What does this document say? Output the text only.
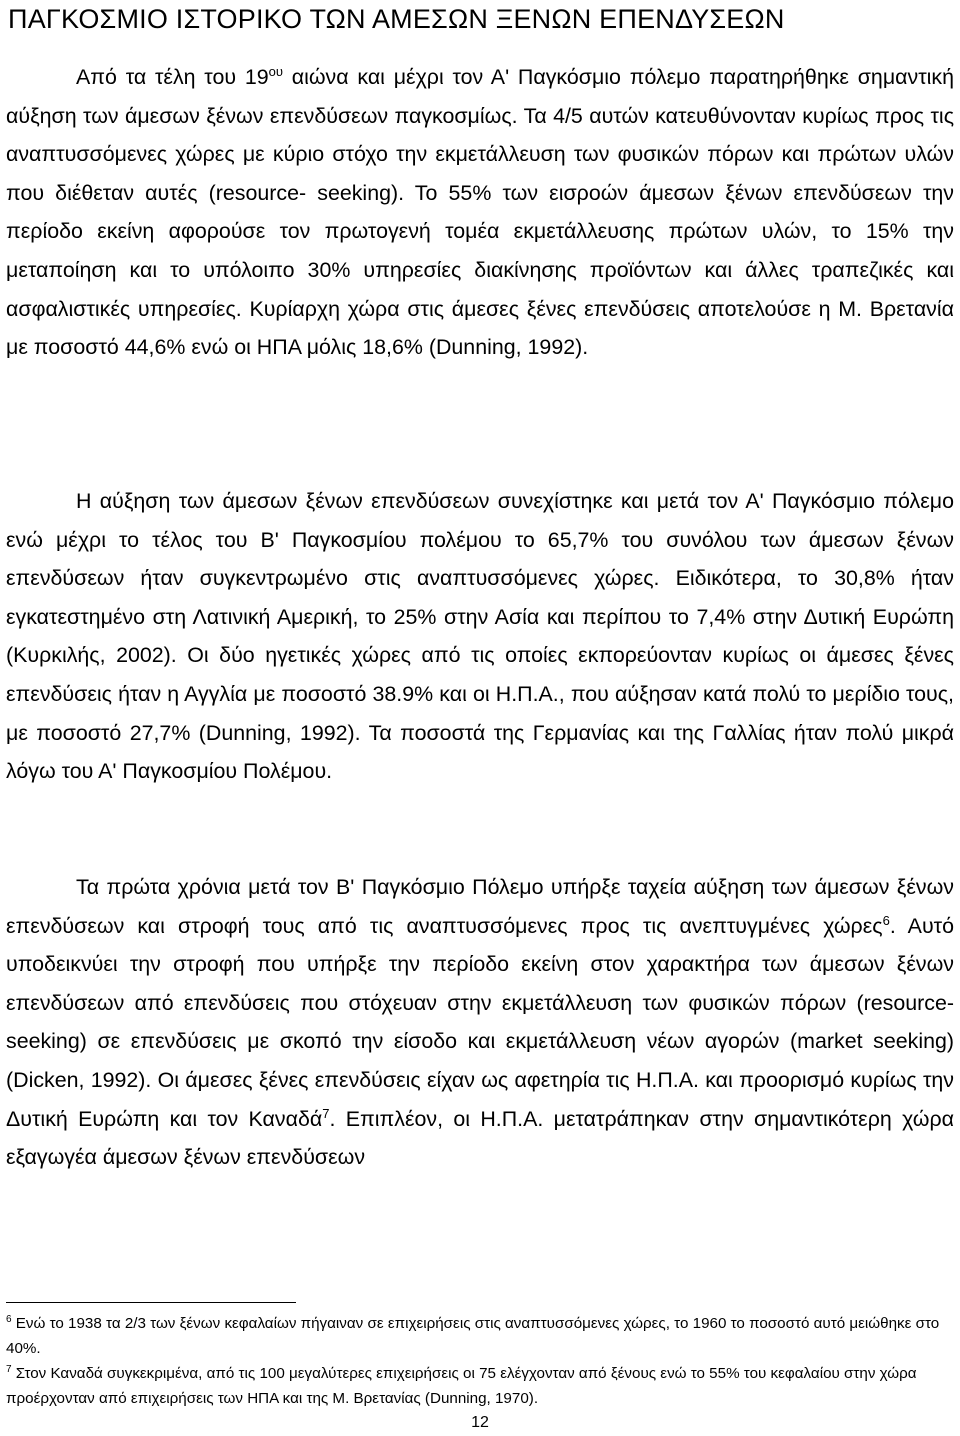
ΠΑΓΚΟΣΜΙΟ ΙΣΤΟΡΙΚΟ ΤΩΝ ΑΜΕΣΩΝ ΞΕΝΩΝ ΕΠΕΝΔΥΣΕΩΝ

Από τα τέλη του $19^{o\upsilon}$ αιώνα και μέχρι τον Α' Παγκόσμιο πόλεμο παρατηρήθηκε σημαντική αύξηση των άμεσων ξένων επενδύσεων παγκοσμίως. Τα 4/5 αυτών κατευθύνονταν κυρίως προς τις αναπτυσσόμενες χώρες με κύριο στόχο την εκμετάλλευση των φυσικών πόρων και πρώτων υλών που διέθεταν αυτές (resource- seeking). Το 55% των εισροών άμεσων ξένων επενδύσεων την περίοδο εκείνη αφορούσε τον πρωτογενή τομέα εκμετάλλευσης πρώτων υλών, το 15% την μεταποίηση και το υπόλοιπο 30% υπηρεσίες διακίνησης προϊόντων και άλλες τραπεζικές και ασφαλιστικές υπηρεσίες. Κυρίαρχη χώρα στις άμεσες ξένες επενδύσεις αποτελούσε η Μ. Βρετανία με ποσοστό 44,6% ενώ οι ΗΠΑ μόλις 18,6% (Dunning, 1992).

Η αύξηση των άμεσων ξένων επενδύσεων συνεχίστηκε και μετά τον Α' Παγκόσμιο πόλεμο ενώ μέχρι το τέλος του Β' Παγκοσμίου πολέμου το 65,7% του συνόλου των άμεσων ξένων επενδύσεων ήταν συγκεντρωμένο στις αναπτυσσόμενες χώρες. Ειδικότερα, το 30,8% ήταν εγκατεστημένο στη Λατινική Αμερική, το 25% στην Ασία και περίπου το 7,4% στην Δυτική Ευρώπη (Κυρκιλής, 2002). Οι δύο ηγετικές χώρες από τις οποίες εκπορεύονταν κυρίως οι άμεσες ξένες επενδύσεις ήταν η Αγγλία με ποσοστό 38.9% και οι Η.Π.Α., που αύξησαν κατά πολύ το μερίδιο τους, με ποσοστό 27,7% (Dunning, 1992). Τα ποσοστά της Γερμανίας και της Γαλλίας ήταν πολύ μικρά λόγω του Α' Παγκοσμίου Πολέμου.

Τα πρώτα χρόνια μετά τον Β' Παγκόσμιο Πόλεμο υπήρξε ταχεία αύξηση των άμεσων ξένων επενδύσεων και στροφή τους από τις αναπτυσσόμενες προς τις ανεπτυγμένες χώρες$^6$. Αυτό υποδεικνύει την στροφή που υπήρξε την περίοδο εκείνη στον χαρακτήρα των άμεσων ξένων επενδύσεων από επενδύσεις που στόχευαν στην εκμετάλλευση των φυσικών πόρων (resource- seeking) σε επενδύσεις με σκοπό την είσοδο και εκμετάλλευση νέων αγορών (market seeking)(Dicken, 1992). Οι άμεσες ξένες επενδύσεις είχαν ως αφετηρία τις Η.Π.Α. και προορισμό κυρίως την Δυτική Ευρώπη και τον Καναδά$^7$. Επιπλέον, οι Η.Π.Α. μετατράπηκαν στην σημαντικότερη χώρα εξαγωγέα άμεσων ξένων επενδύσεων

$^6$ Ενώ το 1938 τα 2/3 των ξένων κεφαλαίων πήγαιναν σε επιχειρήσεις στις αναπτυσσόμενες χώρες, το 1960 το ποσοστό αυτό μειώθηκε στο 40%.

$^7$ Στον Καναδά συγκεκριμένα, από τις 100 μεγαλύτερες επιχειρήσεις οι 75 ελέγχονταν από ξένους ενώ το 55% του κεφαλαίου στην χώρα προέρχονταν από επιχειρήσεις των ΗΠΑ και της Μ. Βρετανίας (Dunning, 1970).

12
